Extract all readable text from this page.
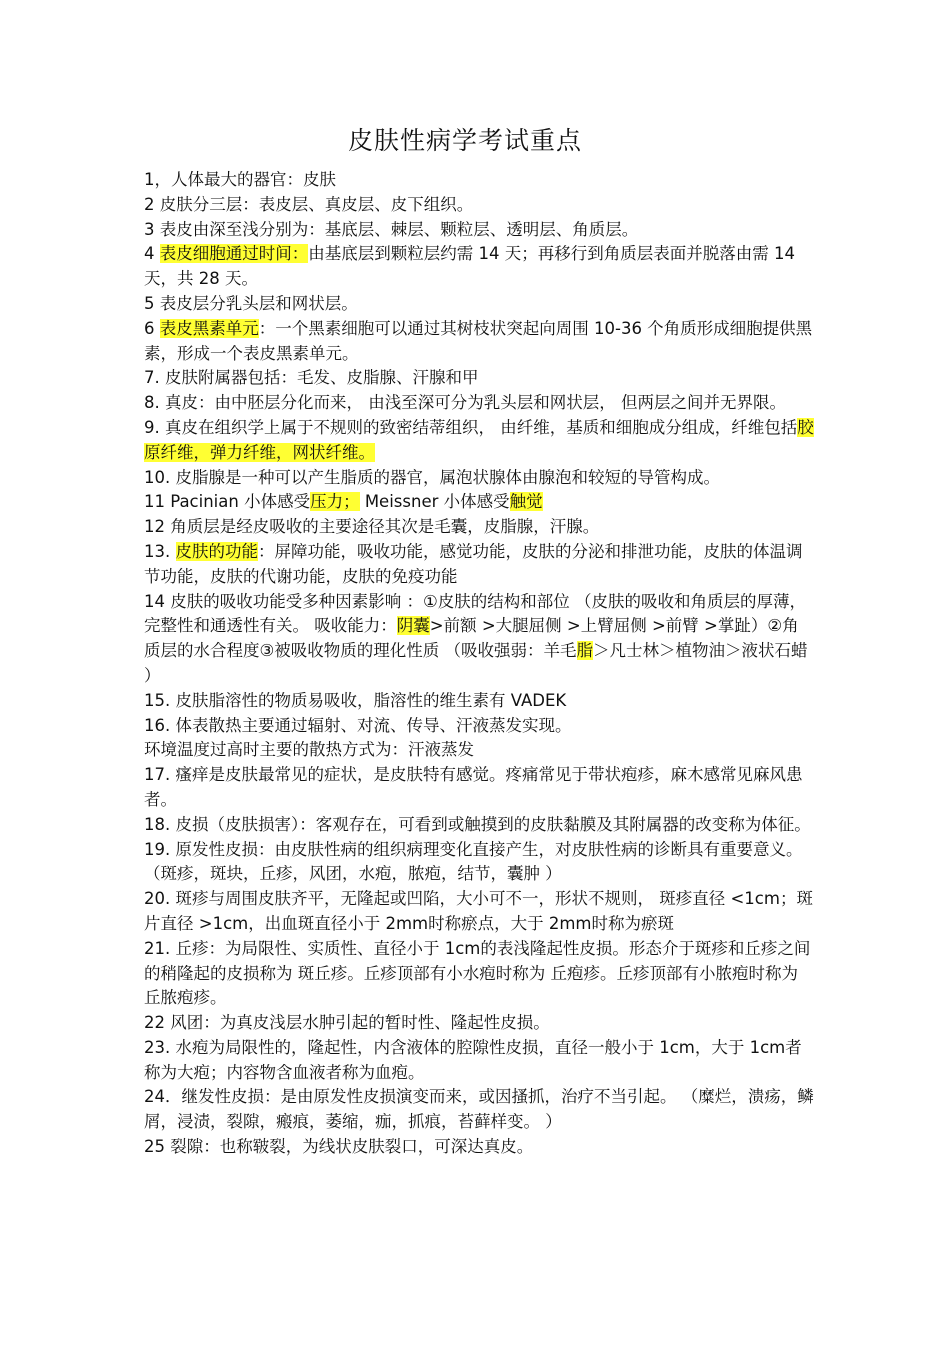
皮肤性病学考试重点

1，人体最大的器官：皮肤

2 皮肤分三层：表皮层、真皮层、皮下组织。

3 表皮由深至浅分别为：基底层、棘层、颗粒层、透明层、角质层。

4 表皮细胞通过时间：由基底层到颗粒层约需 14 天；再移行到角质层表面并脱落由需 14 天，共 28 天。

5 表皮层分乳头层和网状层。

6 表皮黑素单元：一个黑素细胞可以通过其树枝状突起向周围 10-36 个角质形成细胞提供黑素，形成一个表皮黑素单元。

7. 皮肤附属器包括：毛发、皮脂腺、汗腺和甲

8. 真皮：由中胚层分化而来， 由浅至深可分为乳头层和网状层， 但两层之间并无界限。

9. 真皮在组织学上属于不规则的致密结蒂组织， 由纤维，基质和细胞成分组成，纤维包括胶原纤维，弹力纤维，网状纤维。

10. 皮脂腺是一种可以产生脂质的器官，属泡状腺体由腺泡和较短的导管构成。

11 Pacinian 小体感受压力； Meissner 小体感受触觉

12 角质层是经皮吸收的主要途径其次是毛囊，皮脂腺，汗腺。

13. 皮肤的功能：屏障功能，吸收功能，感觉功能，皮肤的分泌和排泄功能，皮肤的体温调节功能，皮肤的代谢功能，皮肤的免疫功能

14 皮肤的吸收功能受多种因素影响 ：①皮肤的结构和部位 （皮肤的吸收和角质层的厚薄，完整性和通透性有关。 吸收能力：阴囊>前额 >大腿屈侧 >上臂屈侧 >前臂 >掌趾）②角质层的水合程度③被吸收物质的理化性质 （吸收强弱：羊毛脂＞凡士林＞植物油＞液状石蜡 ）

15. 皮肤脂溶性的物质易吸收，脂溶性的维生素有 VADEK

16. 体表散热主要通过辐射、对流、传导、汗液蒸发实现。

环境温度过高时主要的散热方式为：汗液蒸发

17. 瘙痒是皮肤最常见的症状，是皮肤特有感觉。疼痛常见于带状疱疹，麻木感常见麻风患者。

18. 皮损（皮肤损害）：客观存在，可看到或触摸到的皮肤黏膜及其附属器的改变称为体征。

19. 原发性皮损：由皮肤性病的组织病理变化直接产生，对皮肤性病的诊断具有重要意义。（斑疹，斑块，丘疹，风团，水疱，脓疱，结节，囊肿 ）

20. 斑疹与周围皮肤齐平，无隆起或凹陷，大小可不一，形状不规则， 斑疹直径 <1cm；斑片直径 >1cm，出血斑直径小于 2mm时称瘀点，大于 2mm时称为瘀斑

21. 丘疹：为局限性、实质性、直径小于 1cm的表浅隆起性皮损。形态介于斑疹和丘疹之间的稍隆起的皮损称为 斑丘疹。丘疹顶部有小水疱时称为 丘疱疹。丘疹顶部有小脓疱时称为 丘脓疱疹。

22 风团：为真皮浅层水肿引起的暂时性、隆起性皮损。

23. 水疱为局限性的，隆起性，内含液体的腔隙性皮损，直径一般小于 1cm，大于 1cm者称为大疱；内容物含血液者称为血疱。

24．继发性皮损：是由原发性皮损演变而来，或因搔抓，治疗不当引起。 （糜烂，溃疡，鳞屑，浸渍，裂隙，瘢痕，萎缩，痂，抓痕，苔藓样变。 ）

25 裂隙：也称皲裂，为线状皮肤裂口，可深达真皮。
